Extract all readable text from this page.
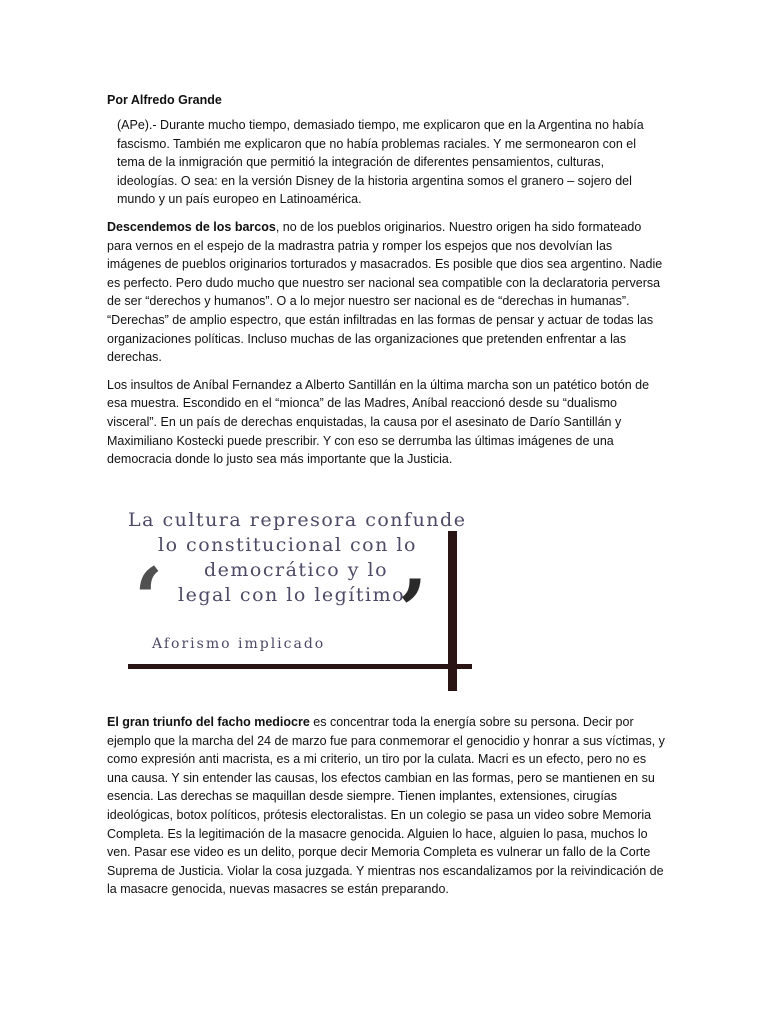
Por Alfredo Grande

(APe).- Durante mucho tiempo, demasiado tiempo, me explicaron que en la Argentina no había fascismo. También me explicaron que no había problemas raciales. Y me sermonearon con el tema de la inmigración que permitió la integración de diferentes pensamientos, culturas, ideologías. O sea: en la versión Disney de la historia argentina somos el granero – sojero del mundo y un país europeo en Latinoamérica.

Descendemos de los barcos, no de los pueblos originarios. Nuestro origen ha sido formateado para vernos en el espejo de la madrastra patria y romper los espejos que nos devolvían las imágenes de pueblos originarios torturados y masacrados. Es posible que dios sea argentino. Nadie es perfecto. Pero dudo mucho que nuestro ser nacional sea compatible con la declaratoria perversa de ser “derechos y humanos”. O a lo mejor nuestro ser nacional es de “derechas in humanas”. “Derechas” de amplio espectro, que están infiltradas en las formas de pensar y actuar de todas las organizaciones políticas. Incluso muchas de las organizaciones que pretenden enfrentar a las derechas.

Los insultos de Aníbal Fernandez a Alberto Santillán en la última marcha son un patético botón de esa muestra. Escondido en el “mionca” de las Madres, Aníbal reaccionó desde su “dualismo visceral”. En un país de derechas enquistadas, la causa por el asesinato de Darío Santillán y Maximiliano Kostecki puede prescribir. Y con eso se derrumba las últimas imágenes de una democracia donde lo justo sea más importante que la Justicia.

‘	’
La cultura represora confunde
lo constitucional con lo
democrático y lo
legal con lo legítimo
Aforismo implicado

El gran triunfo del facho mediocre es concentrar toda la energía sobre su persona. Decir por ejemplo que la marcha del 24 de marzo fue para conmemorar el genocidio y honrar a sus víctimas, y como expresión anti macrista, es a mi criterio, un tiro por la culata. Macri es un efecto, pero no es una causa. Y sin entender las causas, los efectos cambian en las formas, pero se mantienen en su esencia. Las derechas se maquillan desde siempre. Tienen implantes, extensiones, cirugías ideológicas, botox políticos, prótesis electoralistas. En un colegio se pasa un video sobre Memoria Completa. Es la legitimación de la masacre genocida. Alguien lo hace, alguien lo pasa, muchos lo ven. Pasar ese video es un delito, porque decir Memoria Completa es vulnerar un fallo de la Corte Suprema de Justicia. Violar la cosa juzgada. Y mientras nos escandalizamos por la reivindicación de la masacre genocida, nuevas masacres se están preparando.
